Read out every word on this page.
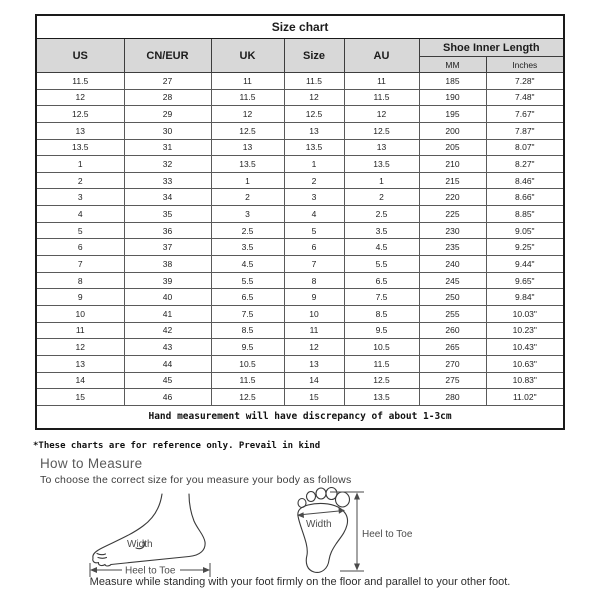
Size chart						
US	CN/EUR	UK	Size	AU	Shoe Inner Length	
					MM	Inches
11.5	27	11	11.5	11	185	7.28"
12	28	11.5	12	11.5	190	7.48"
12.5	29	12	12.5	12	195	7.67"
13	30	12.5	13	12.5	200	7.87"
13.5	31	13	13.5	13	205	8.07"
1	32	13.5	1	13.5	210	8.27"
2	33	1	2	1	215	8.46"
3	34	2	3	2	220	8.66"
4	35	3	4	2.5	225	8.85"
5	36	2.5	5	3.5	230	9.05"
6	37	3.5	6	4.5	235	9.25"
7	38	4.5	7	5.5	240	9.44"
8	39	5.5	8	6.5	245	9.65"
9	40	6.5	9	7.5	250	9.84"
10	41	7.5	10	8.5	255	10.03"
11	42	8.5	11	9.5	260	10.23"
12	43	9.5	12	10.5	265	10.43"
13	44	10.5	13	11.5	270	10.63"
14	45	11.5	14	12.5	275	10.83"
15	46	12.5	15	13.5	280	11.02"
Hand measurement will have discrepancy of about 1-3cm						
*These charts are for reference only. Prevail in kind
How to Measure
To choose the correct size for you measure your body as follows
Width
Heel to Toe
Width
Heel to Toe
Measure while standing with your foot firmly on the floor and parallel to your other foot.
